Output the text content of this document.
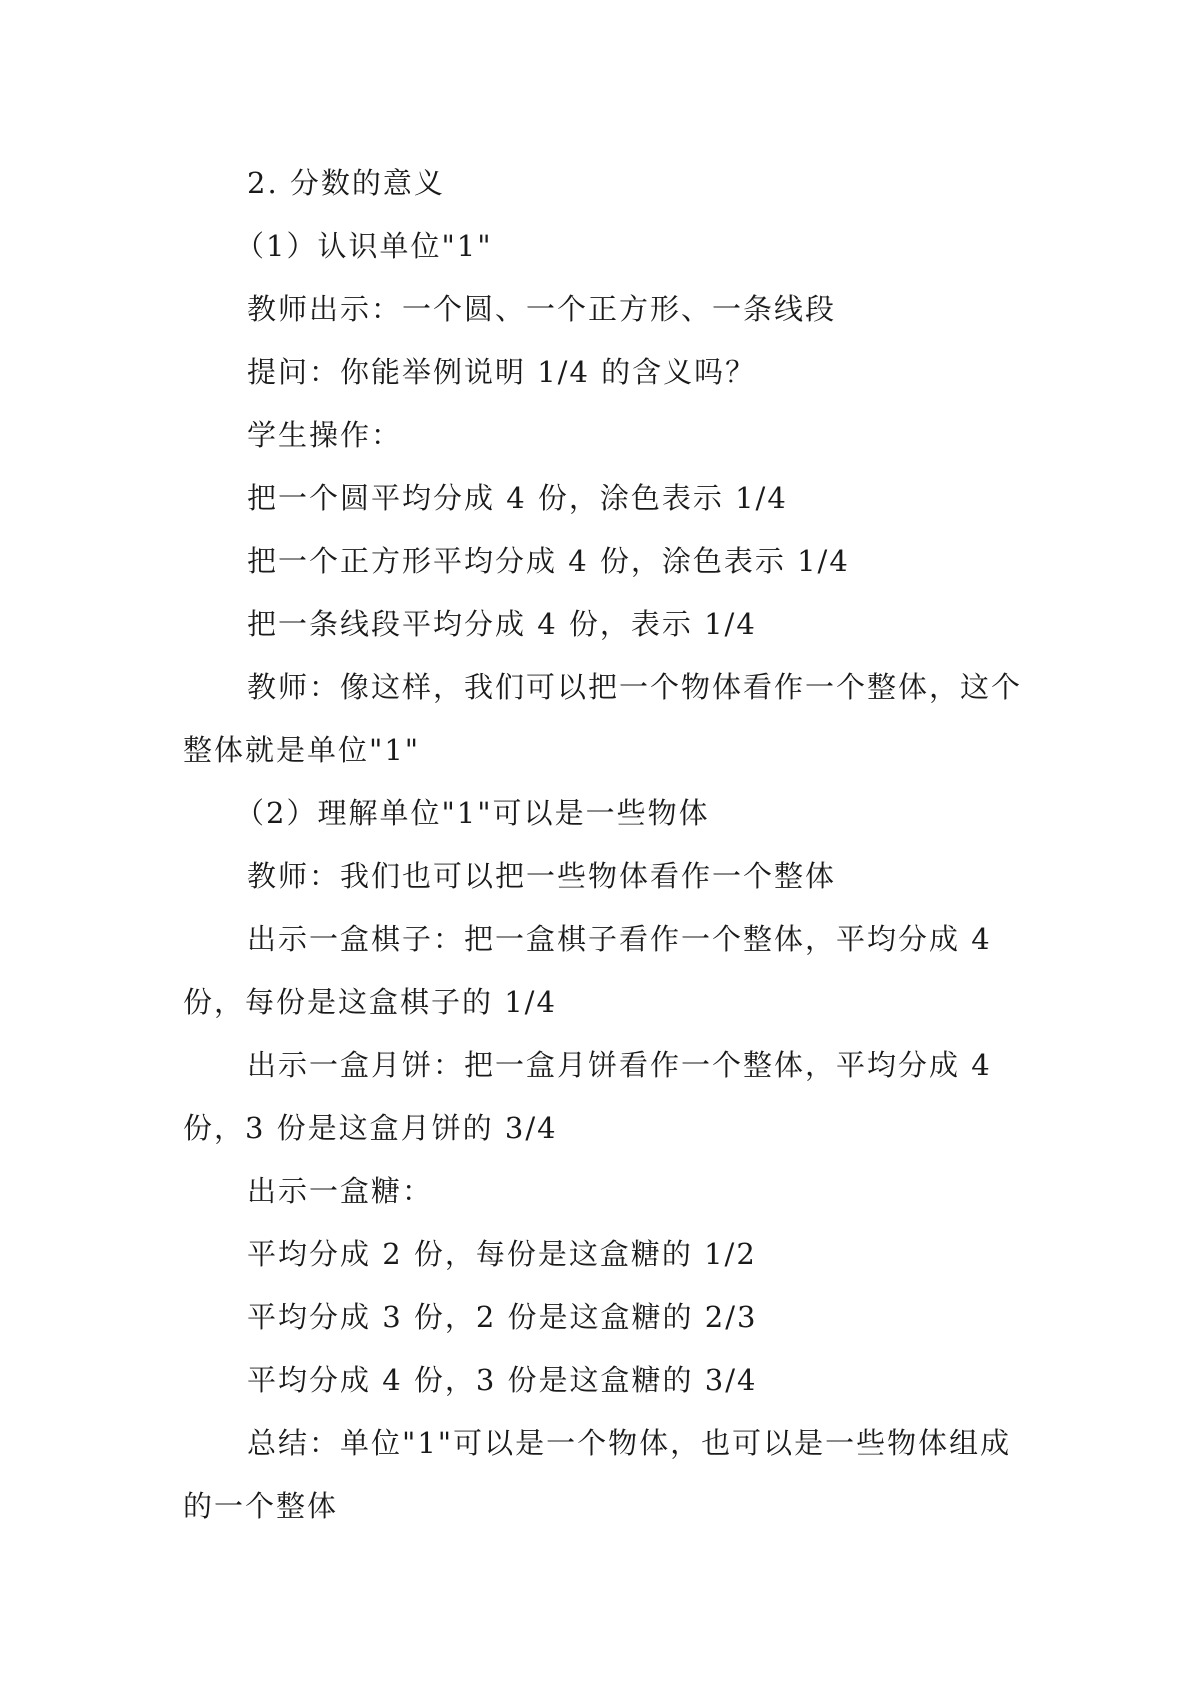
2. 分数的意义

（1）认识单位"1"

教师出示：一个圆、一个正方形、一条线段

提问：你能举例说明 1/4 的含义吗？

学生操作：

把一个圆平均分成 4 份，涂色表示 1/4

把一个正方形平均分成 4 份，涂色表示 1/4

把一条线段平均分成 4 份，表示 1/4

教师：像这样，我们可以把一个物体看作一个整体，这个整体就是单位"1"

（2）理解单位"1"可以是一些物体

教师：我们也可以把一些物体看作一个整体

出示一盒棋子：把一盒棋子看作一个整体，平均分成 4 份，每份是这盒棋子的 1/4

出示一盒月饼：把一盒月饼看作一个整体，平均分成 4 份，3 份是这盒月饼的 3/4

出示一盒糖：

平均分成 2 份，每份是这盒糖的 1/2

平均分成 3 份，2 份是这盒糖的 2/3

平均分成 4 份，3 份是这盒糖的 3/4

总结：单位"1"可以是一个物体，也可以是一些物体组成的一个整体
